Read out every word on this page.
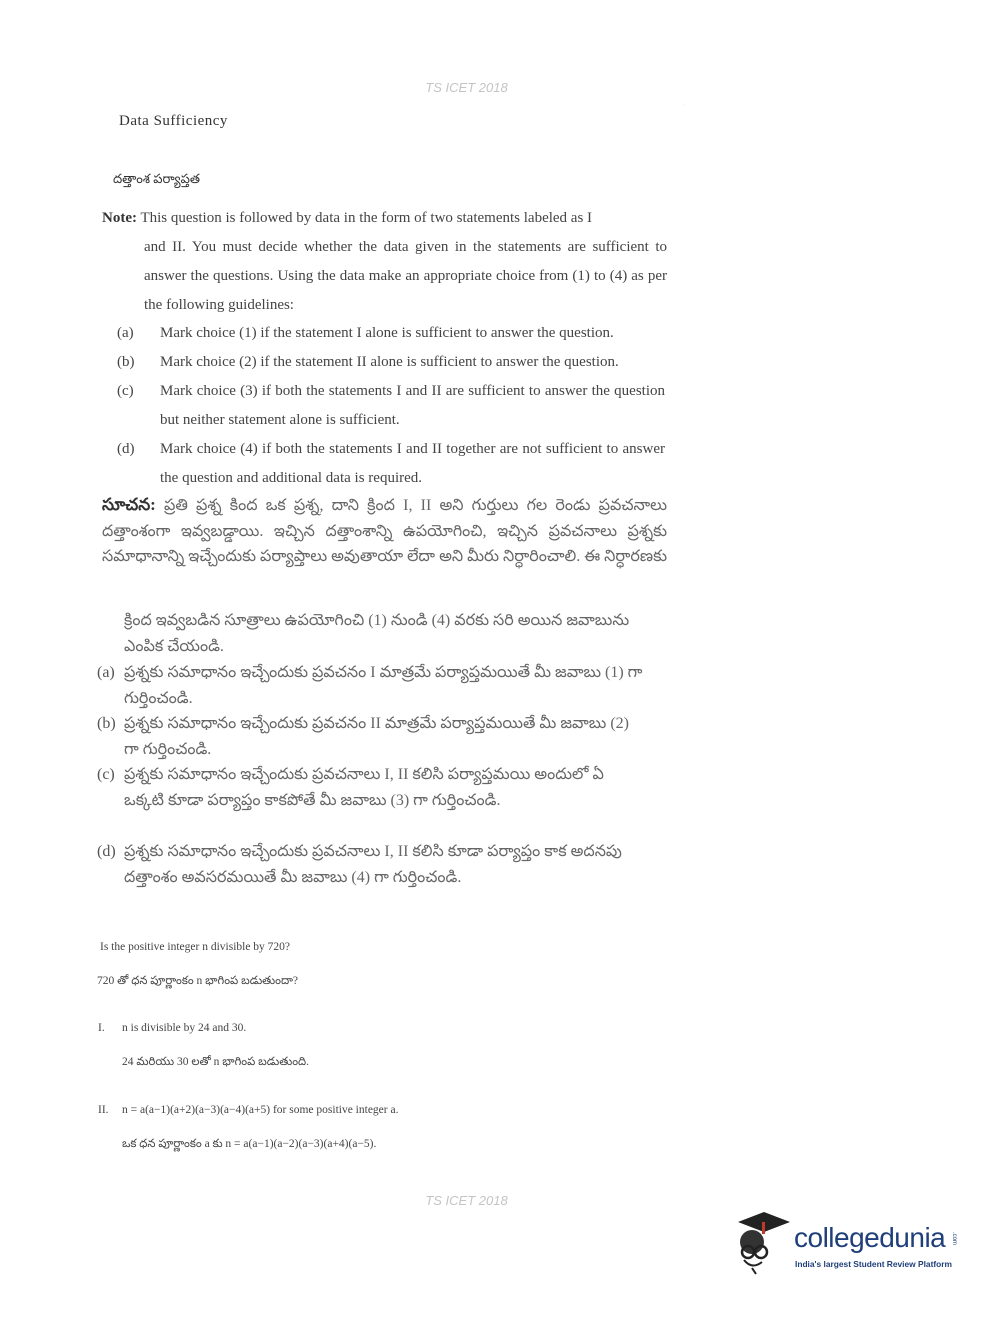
TS ICET 2018
·
Data Sufficiency
దత్తాంశ పర్యాప్తత
Note: This question is followed by data in the form of two statements labeled as I
and II. You must decide whether the data given in the statements are sufficient to answer the questions. Using the data make an appropriate choice from (1) to (4) as per the following guidelines:
(a) Mark choice (1) if the statement I alone is sufficient to answer the question.
(b) Mark choice (2) if the statement II alone is sufficient to answer the question.
(c) Mark choice (3) if both the statements I and II are sufficient to answer the question but neither statement alone is sufficient.
(d) Mark choice (4) if both the statements I and II together are not sufficient to answer the question and additional data is required.
సూచన: ప్రతి ప్రశ్న కింద ఒక ప్రశ్న, దాని క్రింద I, II అని గుర్తులు గల రెండు ప్రవచనాలు దత్తాంశంగా ఇవ్వబడ్డాయి. ఇచ్చిన దత్తాంశాన్ని ఉపయోగించి, ఇచ్చిన ప్రవచనాలు ప్రశ్నకు సమాధానాన్ని ఇచ్చేందుకు పర్యాప్తాలు అవుతాయా లేదా అని మీరు నిర్ధారించాలి. ఈ నిర్ధారణకు
క్రింద ఇవ్వబడిన సూత్రాలు ఉపయోగించి (1) నుండి (4) వరకు సరి అయిన జవాబును ఎంపిక చేయండి.
(a) ప్రశ్నకు సమాధానం ఇచ్చేందుకు ప్రవచనం I మాత్రమే పర్యాప్తమయితే మీ జవాబు (1) గా గుర్తించండి.
(b) ప్రశ్నకు సమాధానం ఇచ్చేందుకు ప్రవచనం II మాత్రమే పర్యాప్తమయితే మీ జవాబు (2) గా గుర్తించండి.
(c) ప్రశ్నకు సమాధానం ఇచ్చేందుకు ప్రవచనాలు I, II కలిసి పర్యాప్తమయి అందులో ఏ ఒక్కటి కూడా పర్యాప్తం కాకపోతే మీ జవాబు (3) గా గుర్తించండి.
(d) ప్రశ్నకు సమాధానం ఇచ్చేందుకు ప్రవచనాలు I, II కలిసి కూడా పర్యాప్తం కాక అదనపు దత్తాంశం అవసరమయితే మీ జవాబు (4) గా గుర్తించండి.
Is the positive integer n divisible by 720?
720 తో ధన పూర్ణాంకం n భాగింప బడుతుందా?
I. n is divisible by 24 and 30.
24 మరియు 30 లతో n భాగింప బడుతుంది.
II. n = a(a−1)(a+2)(a−3)(a−4)(a+5) for some positive integer a.
ఒక ధన పూర్ణాంకం a కు n = a(a−1)(a−2)(a−3)(a+4)(a−5).
TS ICET 2018
collegedunia .com
India's largest Student Review Platform
